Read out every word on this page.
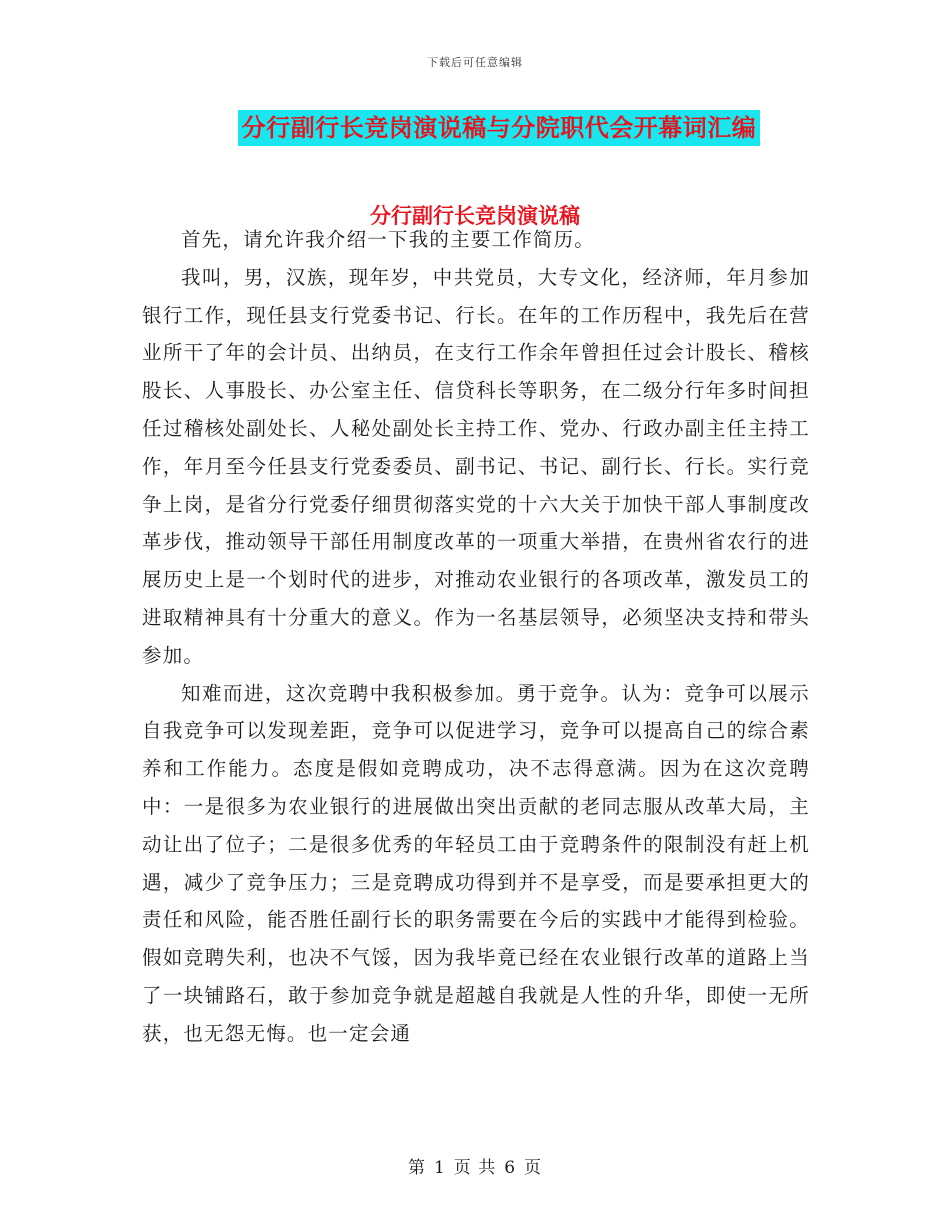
下载后可任意编辑
分行副行长竞岗演说稿与分院职代会开幕词汇编
分行副行长竞岗演说稿

首先，请允许我介绍一下我的主要工作简历。

我叫，男，汉族，现年岁，中共党员，大专文化，经济师，年月参加银行工作，现任县支行党委书记、行长。在年的工作历程中，我先后在营业所干了年的会计员、出纳员，在支行工作余年曾担任过会计股长、稽核股长、人事股长、办公室主任、信贷科长等职务，在二级分行年多时间担任过稽核处副处长、人秘处副处长主持工作、党办、行政办副主任主持工作，年月至今任县支行党委委员、副书记、书记、副行长、行长。实行竞争上岗，是省分行党委仔细贯彻落实党的十六大关于加快干部人事制度改革步伐，推动领导干部任用制度改革的一项重大举措，在贵州省农行的进展历史上是一个划时代的进步，对推动农业银行的各项改革，激发员工的进取精神具有十分重大的意义。作为一名基层领导，必须坚决支持和带头参加。

知难而进，这次竞聘中我积极参加。勇于竞争。认为：竞争可以展示自我竞争可以发现差距，竞争可以促进学习，竞争可以提高自己的综合素养和工作能力。态度是假如竞聘成功，决不志得意满。因为在这次竞聘中：一是很多为农业银行的进展做出突出贡献的老同志服从改革大局，主动让出了位子；二是很多优秀的年轻员工由于竞聘条件的限制没有赶上机遇，减少了竞争压力；三是竞聘成功得到并不是享受，而是要承担更大的责任和风险，能否胜任副行长的职务需要在今后的实践中才能得到检验。假如竞聘失利，也决不气馁，因为我毕竟已经在农业银行改革的道路上当了一块铺路石，敢于参加竞争就是超越自我就是人性的升华，即使一无所获，也无怨无悔。也一定会通

第 1 页 共 6 页
